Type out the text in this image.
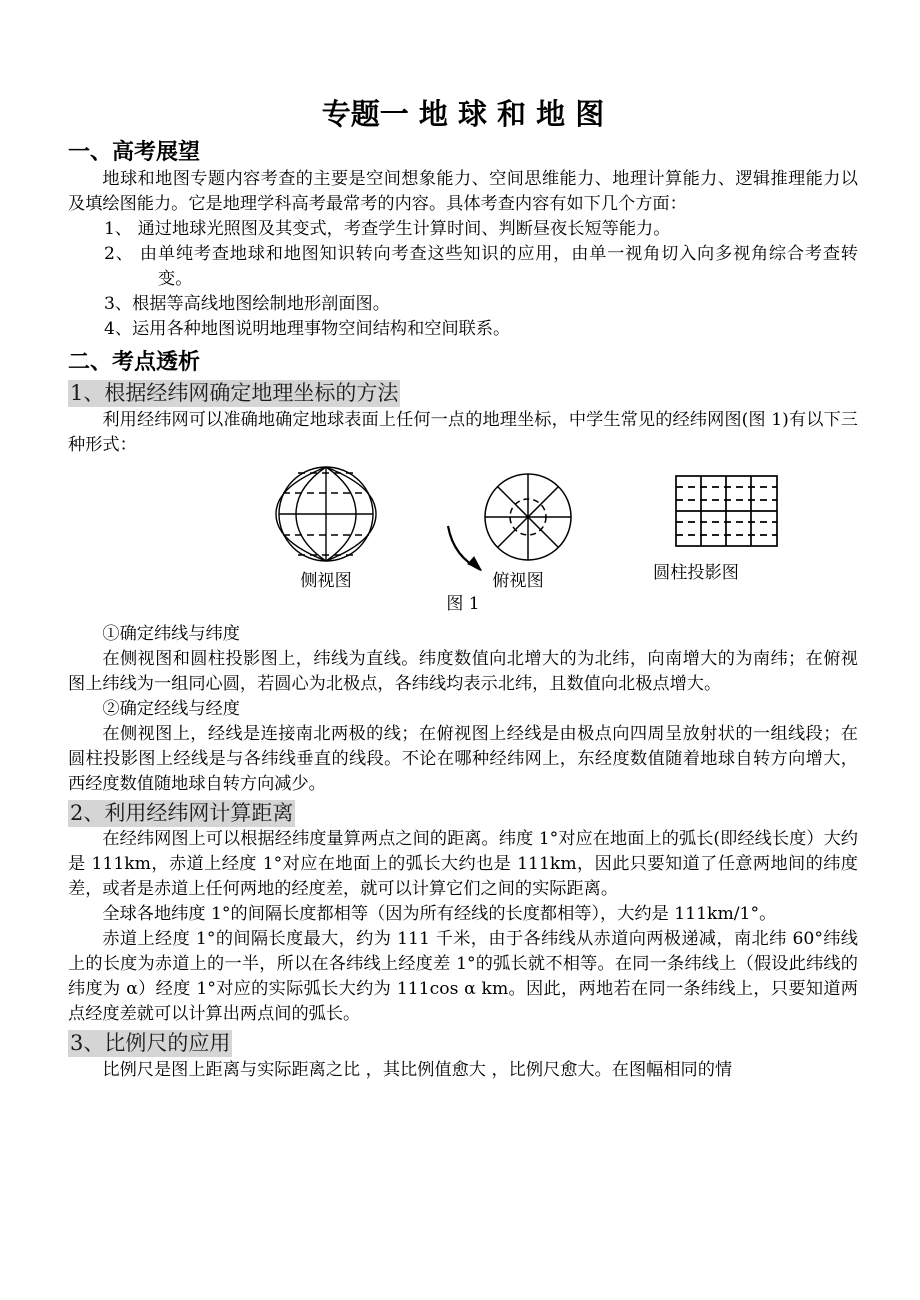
专题一 地 球 和 地 图
一、高考展望

地球和地图专题内容考查的主要是空间想象能力、空间思维能力、地理计算能力、逻辑推理能力以及填绘图能力。它是地理学科高考最常考的内容。具体考查内容有如下几个方面：

1、 通过地球光照图及其变式，考查学生计算时间、判断昼夜长短等能力。
2、 由单纯考查地球和地图知识转向考查这些知识的应用，由单一视角切入向多视角综合考查转变。
3、根据等高线地图绘制地形剖面图。
4、运用各种地图说明地理事物空间结构和空间联系。
二、考点透析
1、根据经纬网确定地理坐标的方法

利用经纬网可以准确地确定地球表面上任何一点的地理坐标，中学生常见的经纬网图(图 1)有以下三种形式：

侧视图	俯视图	圆柱投影图
图 1

①确定纬线与纬度

在侧视图和圆柱投影图上，纬线为直线。纬度数值向北增大的为北纬，向南增大的为南纬；在俯视图上纬线为一组同心圆，若圆心为北极点，各纬线均表示北纬，且数值向北极点增大。

②确定经线与经度

在侧视图上，经线是连接南北两极的线；在俯视图上经线是由极点向四周呈放射状的一组线段；在圆柱投影图上经线是与各纬线垂直的线段。不论在哪种经纬网上，东经度数值随着地球自转方向增大，西经度数值随地球自转方向减少。

2、利用经纬网计算距离

在经纬网图上可以根据经纬度量算两点之间的距离。纬度 1°对应在地面上的弧长(即经线长度）大约是 111km，赤道上经度 1°对应在地面上的弧长大约也是 111km，因此只要知道了任意两地间的纬度差，或者是赤道上任何两地的经度差，就可以计算它们之间的实际距离。

全球各地纬度 1°的间隔长度都相等（因为所有经线的长度都相等），大约是 111km/1°。

赤道上经度 1°的间隔长度最大，约为 111 千米，由于各纬线从赤道向两极递减，南北纬 60°纬线上的长度为赤道上的一半，所以在各纬线上经度差 1°的弧长就不相等。在同一条纬线上（假设此纬线的纬度为 α）经度 1°对应的实际弧长大约为 111cos α km。因此，两地若在同一条纬线上，只要知道两点经度差就可以计算出两点间的弧长。

3、比例尺的应用

比例尺是图上距离与实际距离之比 ，其比例值愈大 ，比例尺愈大。在图幅相同的情
